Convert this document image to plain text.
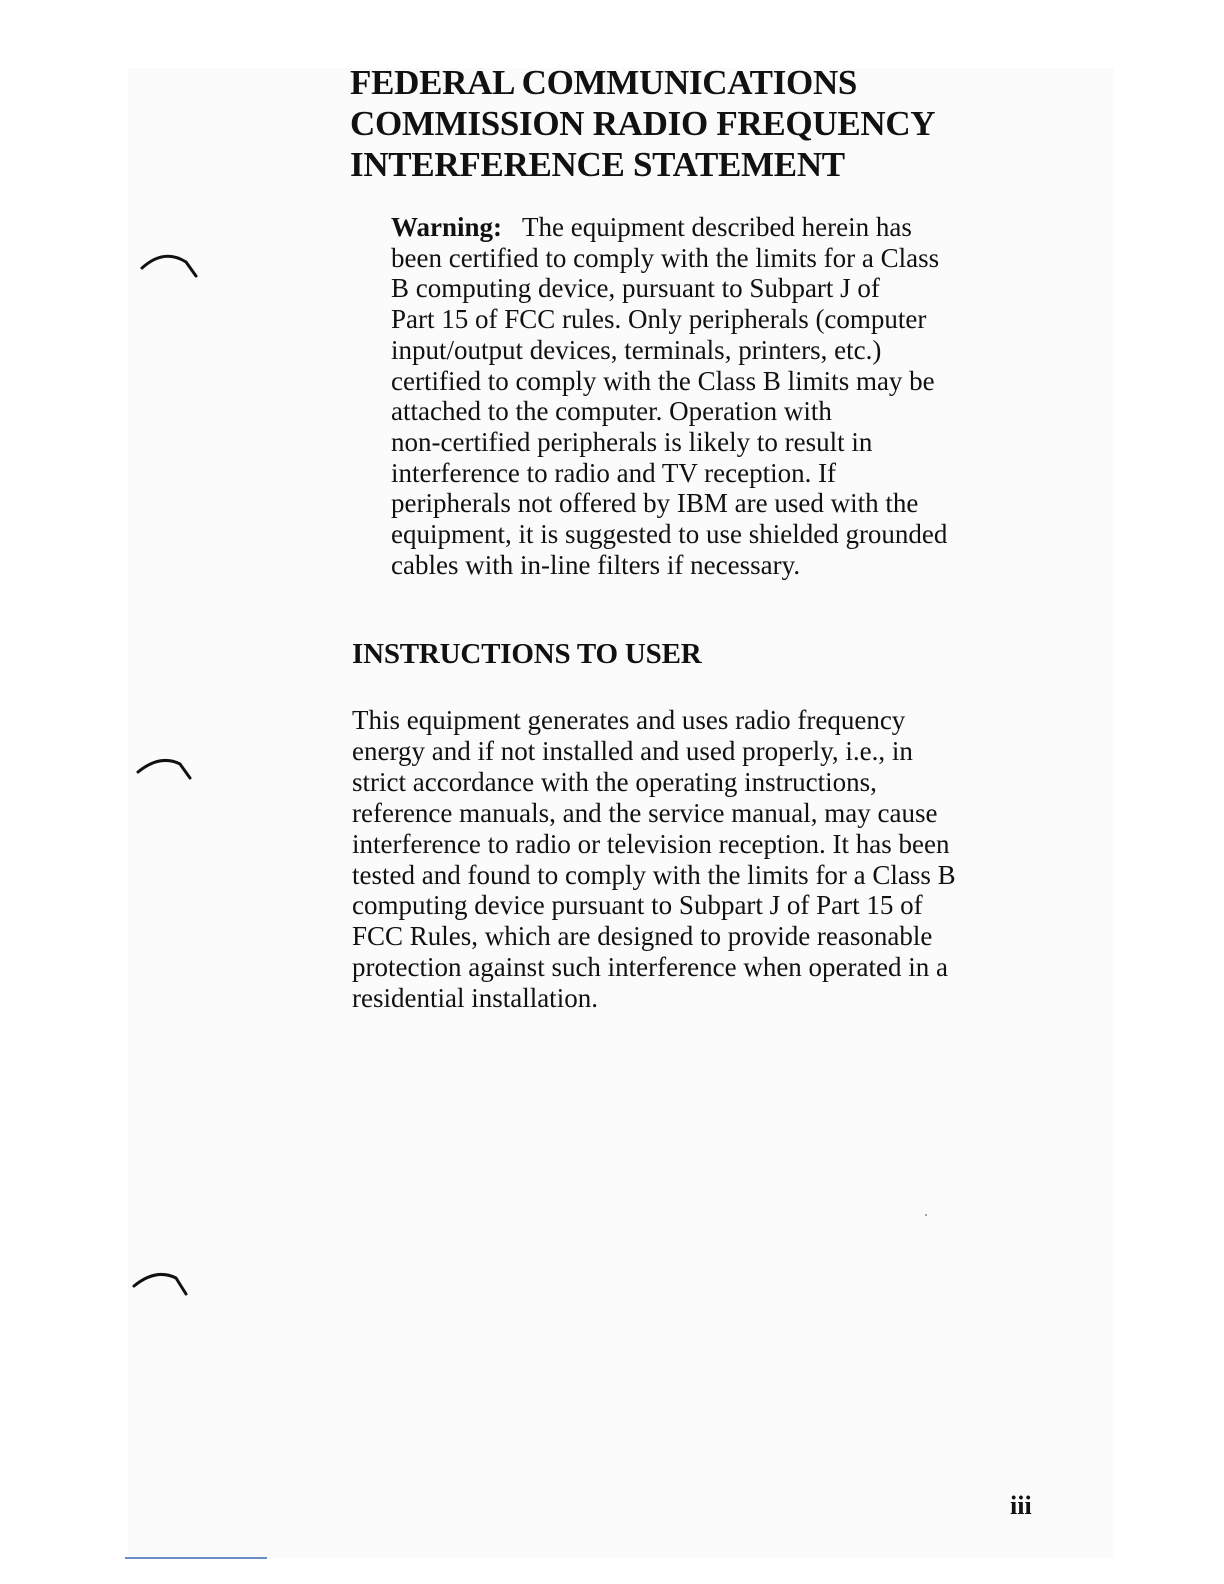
FEDERAL COMMUNICATIONS
COMMISSION RADIO FREQUENCY
INTERFERENCE STATEMENT
Warning: The equipment described herein has
been certified to comply with the limits for a Class
B computing device, pursuant to Subpart J of
Part 15 of FCC rules. Only peripherals (computer
input/output devices, terminals, printers, etc.)
certified to comply with the Class B limits may be
attached to the computer. Operation with
non-certified peripherals is likely to result in
interference to radio and TV reception. If
peripherals not offered by IBM are used with the
equipment, it is suggested to use shielded grounded
cables with in-line filters if necessary.
INSTRUCTIONS TO USER
This equipment generates and uses radio frequency
energy and if not installed and used properly, i.e., in
strict accordance with the operating instructions,
reference manuals, and the service manual, may cause
interference to radio or television reception. It has been
tested and found to comply with the limits for a Class B
computing device pursuant to Subpart J of Part 15 of
FCC Rules, which are designed to provide reasonable
protection against such interference when operated in a
residential installation.
iii
